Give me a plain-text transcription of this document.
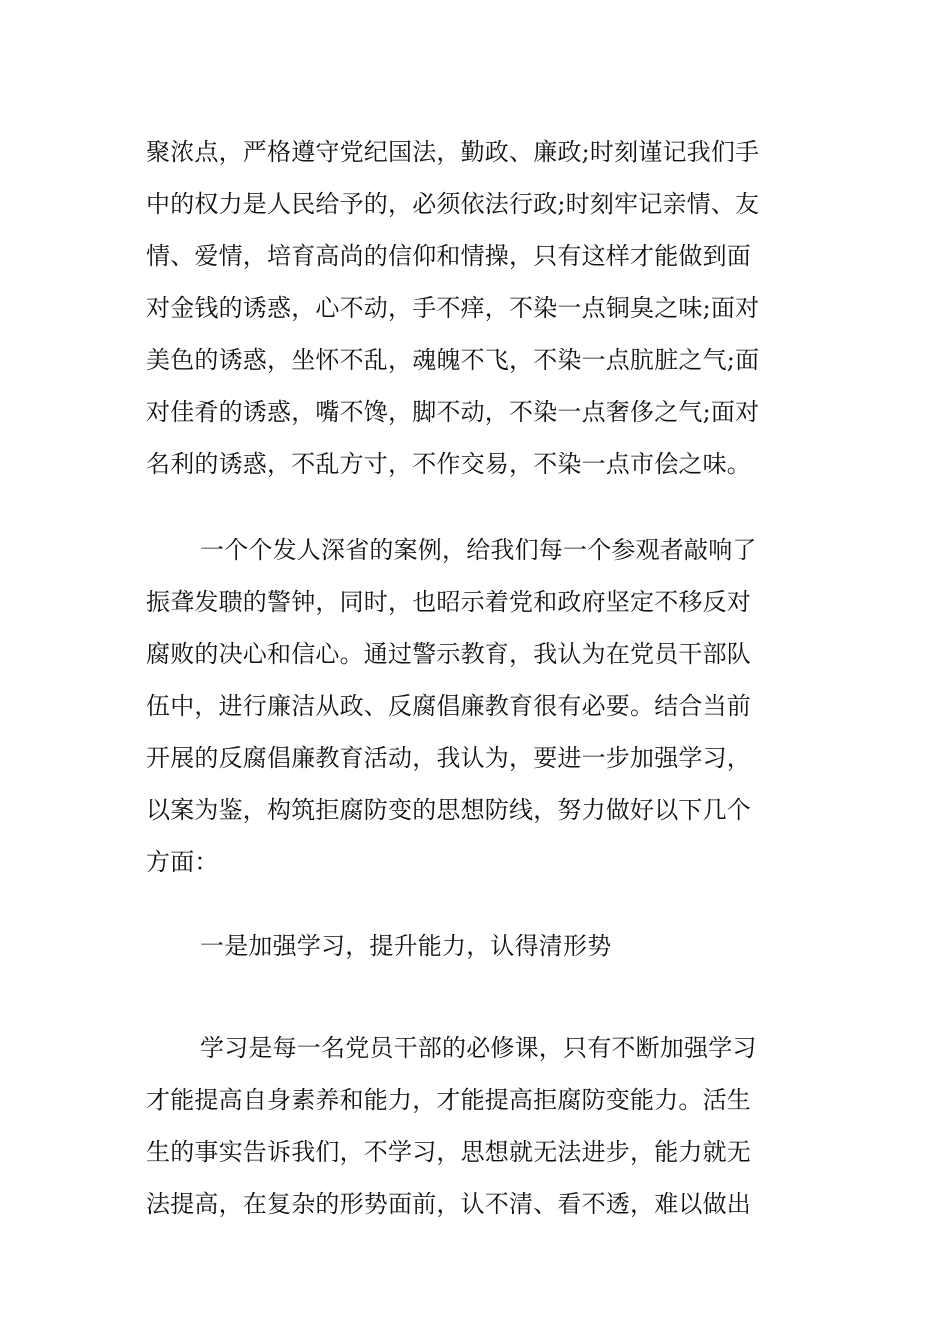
聚浓点，严格遵守党纪国法，勤政、廉政;时刻谨记我们手
中的权力是人民给予的，必须依法行政;时刻牢记亲情、友
情、爱情，培育高尚的信仰和情操，只有这样才能做到面
对金钱的诱惑，心不动，手不痒，不染一点铜臭之味;面对
美色的诱惑，坐怀不乱，魂魄不飞，不染一点肮脏之气;面
对佳肴的诱惑，嘴不馋，脚不动，不染一点奢侈之气;面对
名利的诱惑，不乱方寸，不作交易，不染一点市侩之味。
一个个发人深省的案例，给我们每一个参观者敲响了
振聋发聩的警钟，同时，也昭示着党和政府坚定不移反对
腐败的决心和信心。通过警示教育，我认为在党员干部队
伍中，进行廉洁从政、反腐倡廉教育很有必要。结合当前
开展的反腐倡廉教育活动，我认为，要进一步加强学习，
以案为鉴，构筑拒腐防变的思想防线，努力做好以下几个
方面：
一是加强学习，提升能力，认得清形势
学习是每一名党员干部的必修课，只有不断加强学习
才能提高自身素养和能力，才能提高拒腐防变能力。活生
生的事实告诉我们，不学习，思想就无法进步，能力就无
法提高，在复杂的形势面前，认不清、看不透，难以做出
